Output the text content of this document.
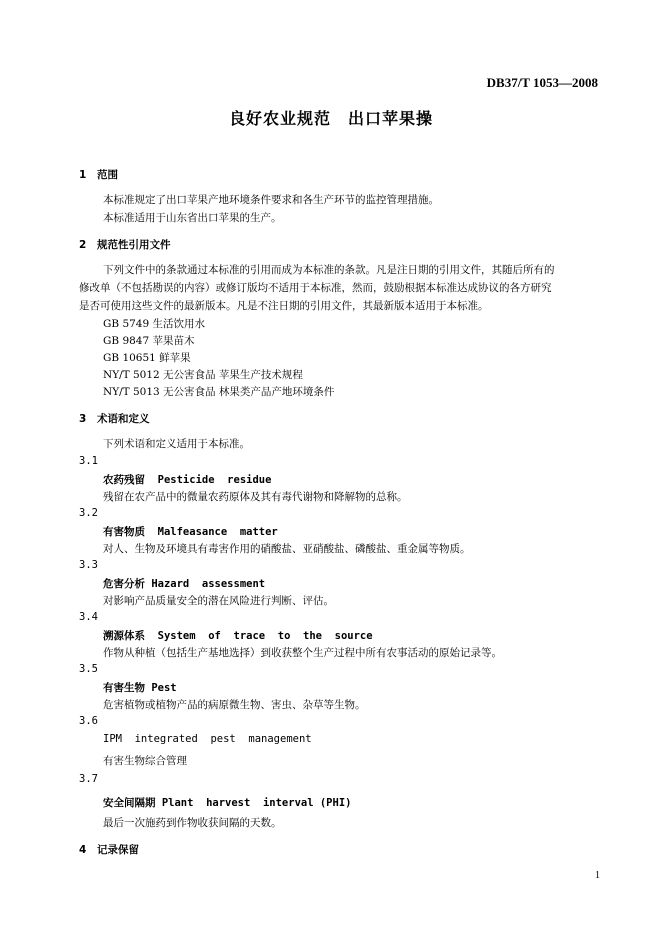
DB37/T 1053—2008
良好农业规范　出口苹果操
1 范围
本标准规定了出口苹果产地环境条件要求和各生产环节的监控管理措施。
本标准适用于山东省出口苹果的生产。
2 规范性引用文件
下列文件中的条款通过本标准的引用而成为本标准的条款。凡是注日期的引用文件，其随后所有的
修改单（不包括勘误的内容）或修订版均不适用于本标准，然而，鼓励根据本标准达成协议的各方研究
是否可使用这些文件的最新版本。凡是不注日期的引用文件，其最新版本适用于本标准。
GB 5749 生活饮用水
GB 9847 苹果苗木
GB 10651 鲜苹果
NY/T 5012 无公害食品 苹果生产技术规程
NY/T 5013 无公害食品 林果类产品产地环境条件
3 术语和定义
下列术语和定义适用于本标准。
3.1
农药残留  Pesticide  residue
残留在农产品中的微量农药原体及其有毒代谢物和降解物的总称。
3.2
有害物质  Malfeasance  matter
对人、生物及环境具有毒害作用的硝酸盐、亚硝酸盐、磷酸盐、重金属等物质。
3.3
危害分析 Hazard  assessment
对影响产品质量安全的潜在风险进行判断、评估。
3.4
溯源体系  System  of  trace  to  the  source
作物从种植（包括生产基地选择）到收获整个生产过程中所有农事活动的原始记录等。
3.5
有害生物 Pest
危害植物或植物产品的病原微生物、害虫、杂草等生物。
3.6
IPM  integrated  pest  management
有害生物综合管理
3.7
安全间隔期 Plant  harvest  interval (PHI)
最后一次施药到作物收获间隔的天数。
4 记录保留
1
